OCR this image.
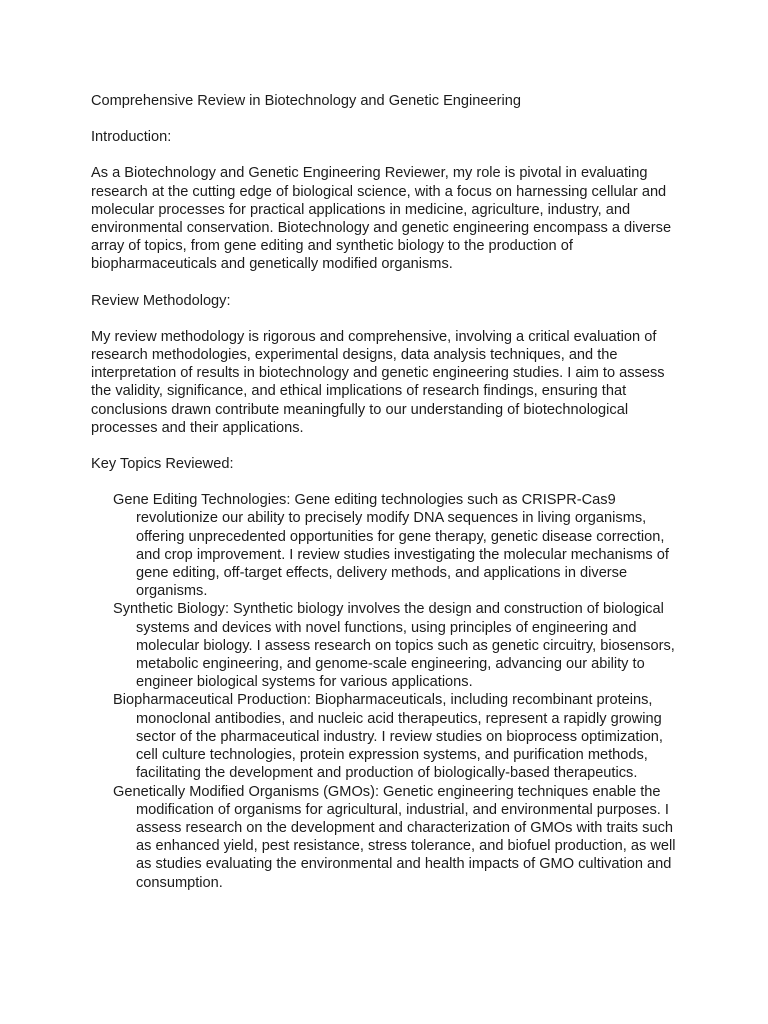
Comprehensive Review in Biotechnology and Genetic Engineering

Introduction:

As a Biotechnology and Genetic Engineering Reviewer, my role is pivotal in evaluating research at the cutting edge of biological science, with a focus on harnessing cellular and molecular processes for practical applications in medicine, agriculture, industry, and environmental conservation. Biotechnology and genetic engineering encompass a diverse array of topics, from gene editing and synthetic biology to the production of biopharmaceuticals and genetically modified organisms.

Review Methodology:

My review methodology is rigorous and comprehensive, involving a critical evaluation of research methodologies, experimental designs, data analysis techniques, and the interpretation of results in biotechnology and genetic engineering studies. I aim to assess the validity, significance, and ethical implications of research findings, ensuring that conclusions drawn contribute meaningfully to our understanding of biotechnological processes and their applications.

Key Topics Reviewed:

Gene Editing Technologies: Gene editing technologies such as CRISPR-Cas9 revolutionize our ability to precisely modify DNA sequences in living organisms, offering unprecedented opportunities for gene therapy, genetic disease correction, and crop improvement. I review studies investigating the molecular mechanisms of gene editing, off-target effects, delivery methods, and applications in diverse organisms.
Synthetic Biology: Synthetic biology involves the design and construction of biological systems and devices with novel functions, using principles of engineering and molecular biology. I assess research on topics such as genetic circuitry, biosensors, metabolic engineering, and genome-scale engineering, advancing our ability to engineer biological systems for various applications.
Biopharmaceutical Production: Biopharmaceuticals, including recombinant proteins, monoclonal antibodies, and nucleic acid therapeutics, represent a rapidly growing sector of the pharmaceutical industry. I review studies on bioprocess optimization, cell culture technologies, protein expression systems, and purification methods, facilitating the development and production of biologically-based therapeutics.
Genetically Modified Organisms (GMOs): Genetic engineering techniques enable the modification of organisms for agricultural, industrial, and environmental purposes. I assess research on the development and characterization of GMOs with traits such as enhanced yield, pest resistance, stress tolerance, and biofuel production, as well as studies evaluating the environmental and health impacts of GMO cultivation and consumption.
